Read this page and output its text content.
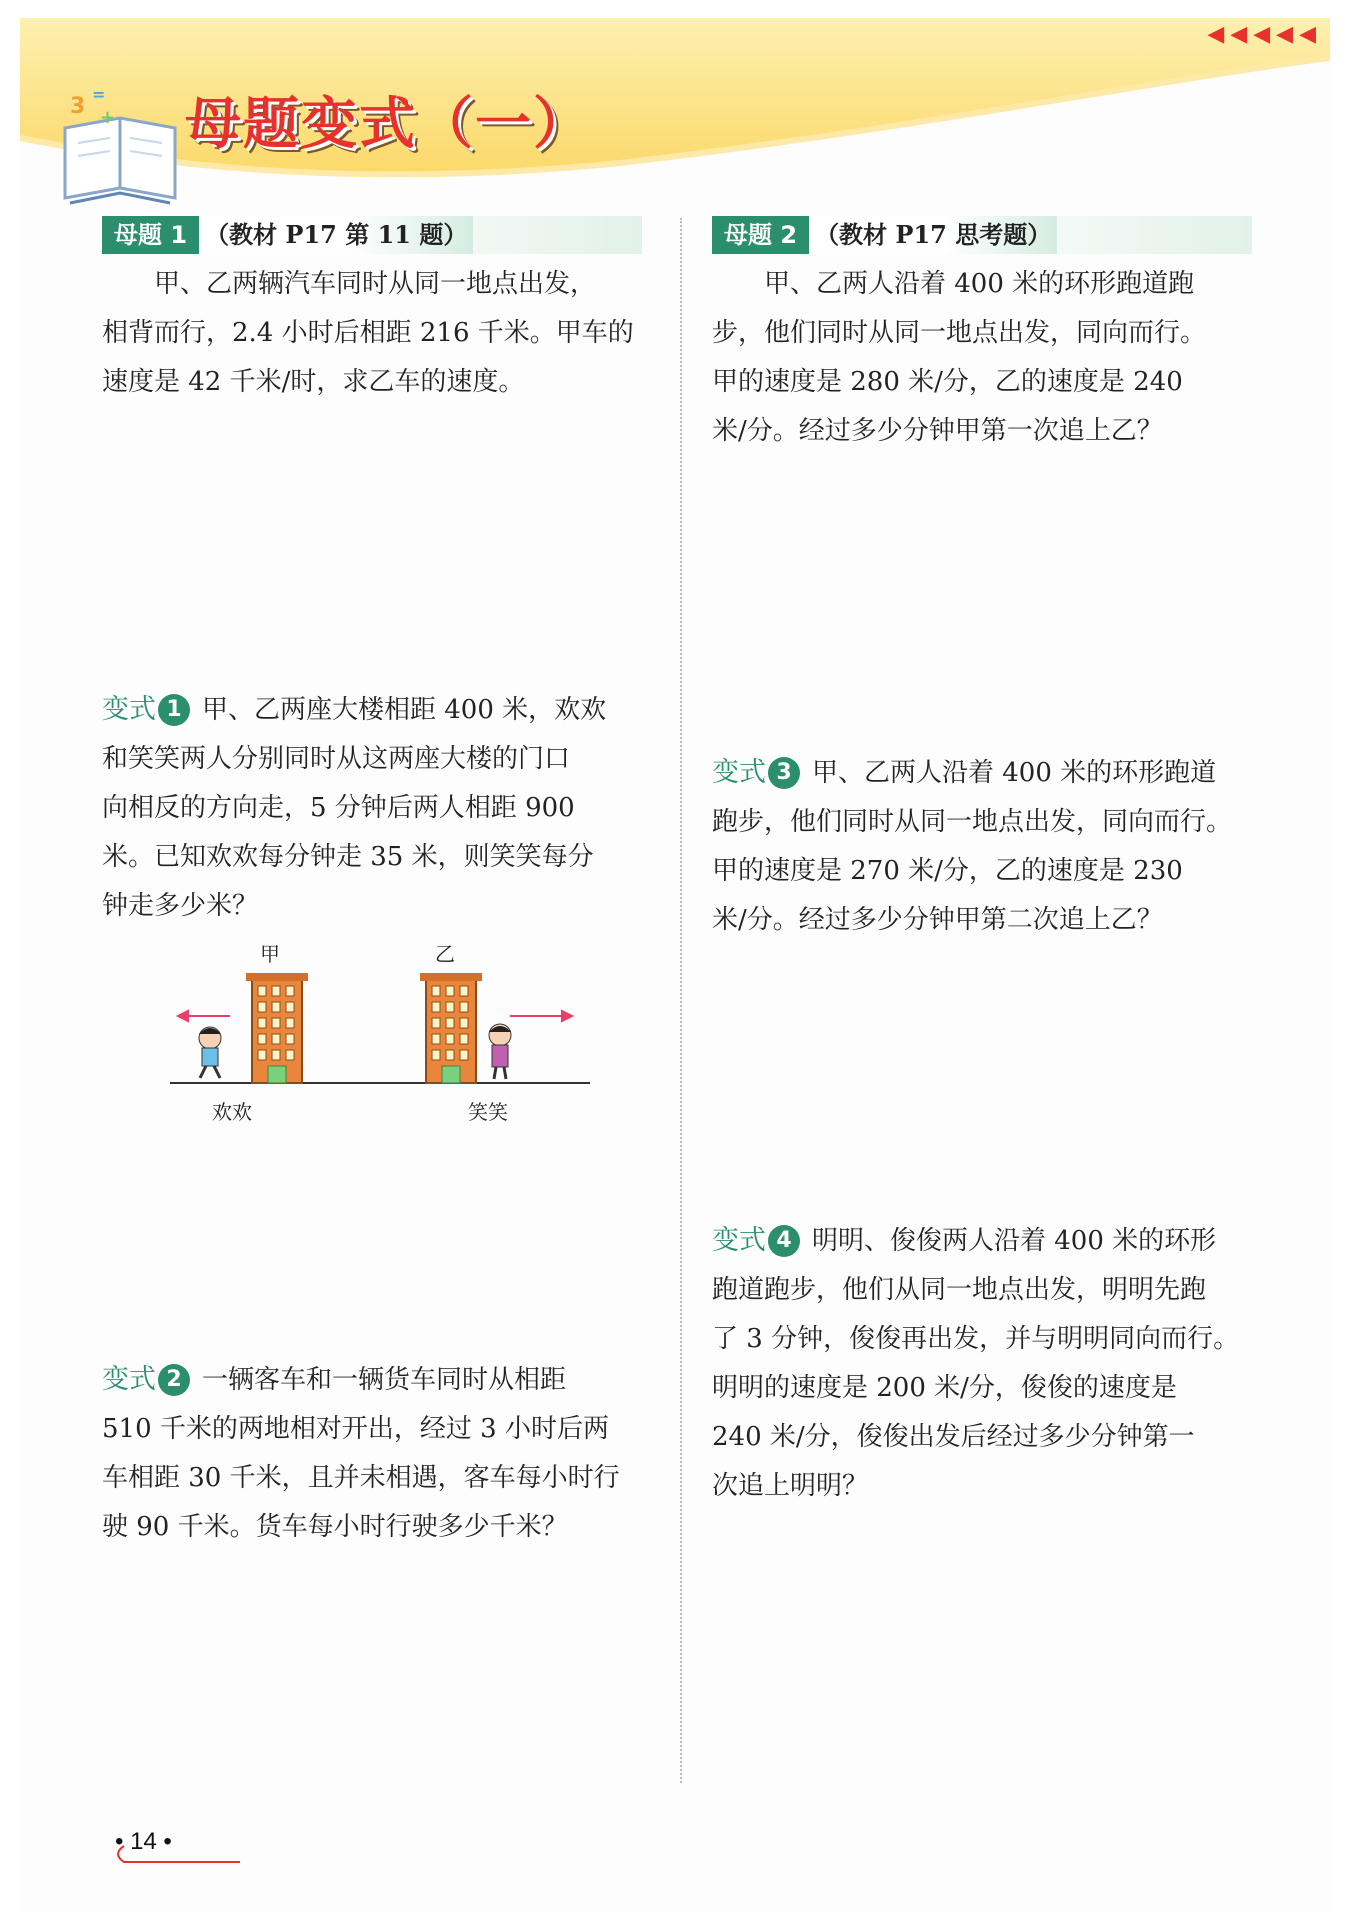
3 =
+
◀◀◀◀◀
母题变式（一）
母题 1 （教材 P17 第 11 题）
甲、乙两辆汽车同时从同一地点出发，
相背而行，2.4 小时后相距 216 千米。甲车的
速度是 42 千米/时，求乙车的速度。
母题 2 （教材 P17 思考题）
甲、乙两人沿着 400 米的环形跑道跑
步，他们同时从同一地点出发，同向而行。
甲的速度是 280 米/分，乙的速度是 240
米/分。经过多少分钟甲第一次追上乙？
变式 1 甲、乙两座大楼相距 400 米，欢欢
和笑笑两人分别同时从这两座大楼的门口
向相反的方向走，5 分钟后两人相距 900
米。已知欢欢每分钟走 35 米，则笑笑每分
钟走多少米？
甲	乙
欢欢	笑笑
变式 2 一辆客车和一辆货车同时从相距
510 千米的两地相对开出，经过 3 小时后两
车相距 30 千米，且并未相遇，客车每小时行
驶 90 千米。货车每小时行驶多少千米？
变式 3 甲、乙两人沿着 400 米的环形跑道
跑步，他们同时从同一地点出发，同向而行。
甲的速度是 270 米/分，乙的速度是 230
米/分。经过多少分钟甲第二次追上乙？
变式 4 明明、俊俊两人沿着 400 米的环形
跑道跑步，他们从同一地点出发，明明先跑
了 3 分钟，俊俊再出发，并与明明同向而行。
明明的速度是 200 米/分，俊俊的速度是
240 米/分，俊俊出发后经过多少分钟第一
次追上明明？
• 14 •
